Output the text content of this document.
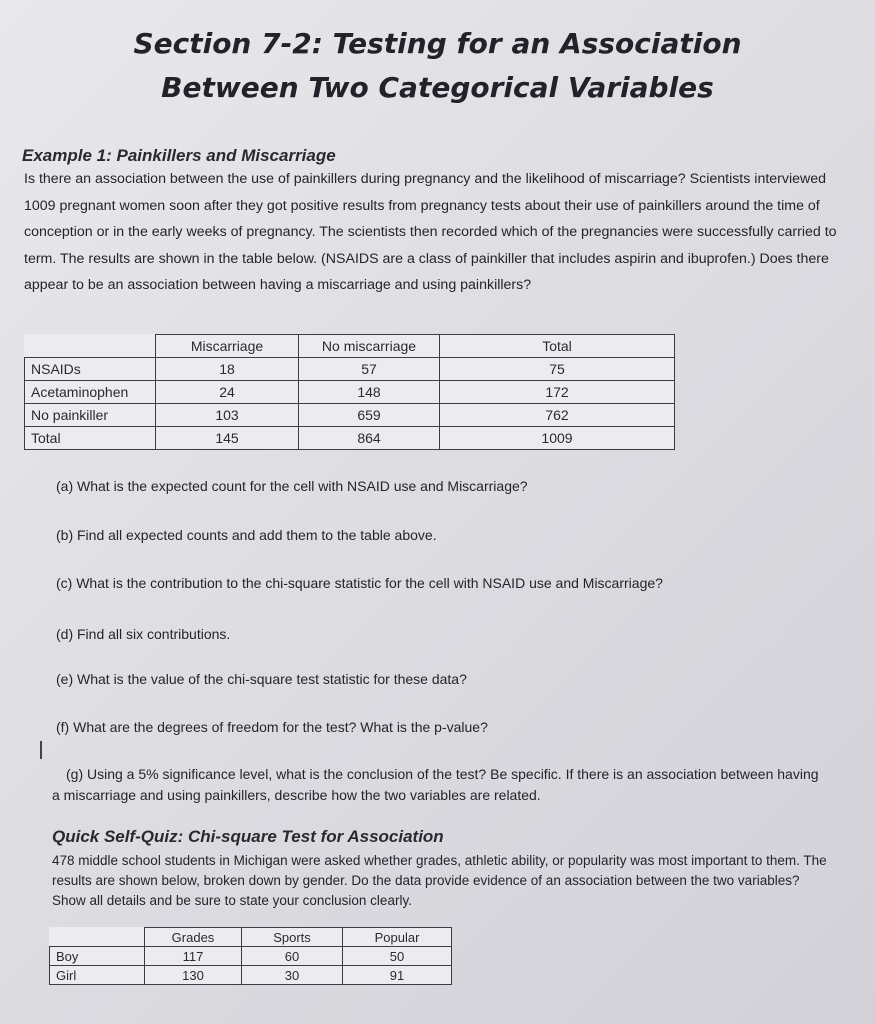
Section 7-2: Testing for an Association
Between Two Categorical Variables
Example 1: Painkillers and Miscarriage
Is there an association between the use of painkillers during pregnancy and the likelihood of miscarriage? Scientists interviewed 1009 pregnant women soon after they got positive results from pregnancy tests about their use of painkillers around the time of conception or in the early weeks of pregnancy. The scientists then recorded which of the pregnancies were successfully carried to term. The results are shown in the table below. (NSAIDS are a class of painkiller that includes aspirin and ibuprofen.) Does there appear to be an association between having a miscarriage and using painkillers?
	Miscarriage	No miscarriage	Total
NSAIDs	18	57	75
Acetaminophen	24	148	172
No painkiller	103	659	762
Total	145	864	1009
(a) What is the expected count for the cell with NSAID use and Miscarriage?
(b) Find all expected counts and add them to the table above.
(c) What is the contribution to the chi-square statistic for the cell with NSAID use and Miscarriage?
(d) Find all six contributions.
(e) What is the value of the chi-square test statistic for these data?
(f) What are the degrees of freedom for the test? What is the p-value?
(g) Using a 5% significance level, what is the conclusion of the test? Be specific. If there is an association between having a miscarriage and using painkillers, describe how the two variables are related.
Quick Self-Quiz: Chi-square Test for Association
478 middle school students in Michigan were asked whether grades, athletic ability, or popularity was most important to them. The results are shown below, broken down by gender. Do the data provide evidence of an association between the two variables? Show all details and be sure to state your conclusion clearly.
	Grades	Sports	Popular
Boy	117	60	50
Girl	130	30	91
